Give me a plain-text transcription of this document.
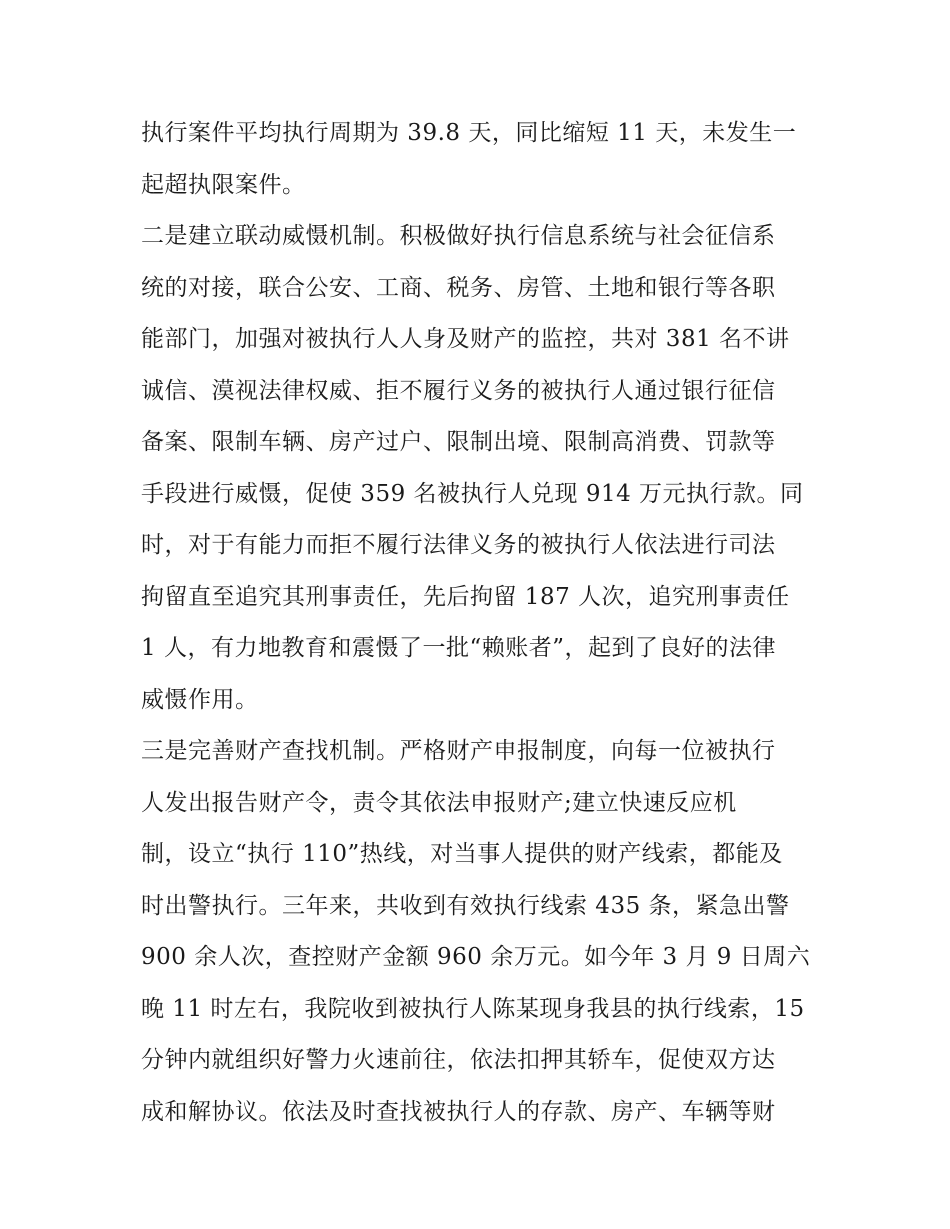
执行案件平均执行周期为 39.8 天，同比缩短 11 天，未发生一
起超执限案件。
二是建立联动威慑机制。积极做好执行信息系统与社会征信系
统的对接，联合公安、工商、税务、房管、土地和银行等各职
能部门，加强对被执行人人身及财产的监控，共对 381 名不讲
诚信、漠视法律权威、拒不履行义务的被执行人通过银行征信
备案、限制车辆、房产过户、限制出境、限制高消费、罚款等
手段进行威慑，促使 359 名被执行人兑现 914 万元执行款。同
时，对于有能力而拒不履行法律义务的被执行人依法进行司法
拘留直至追究其刑事责任，先后拘留 187 人次，追究刑事责任
1 人，有力地教育和震慑了一批“赖账者”，起到了良好的法律
威慑作用。
三是完善财产查找机制。严格财产申报制度，向每一位被执行
人发出报告财产令，责令其依法申报财产;建立快速反应机
制，设立“执行 110”热线，对当事人提供的财产线索，都能及
时出警执行。三年来，共收到有效执行线索 435 条，紧急出警
900 余人次，查控财产金额 960 余万元。如今年 3 月 9 日周六
晚 11 时左右，我院收到被执行人陈某现身我县的执行线索，15
分钟内就组织好警力火速前往，依法扣押其轿车，促使双方达
成和解协议。依法及时查找被执行人的存款、房产、车辆等财
